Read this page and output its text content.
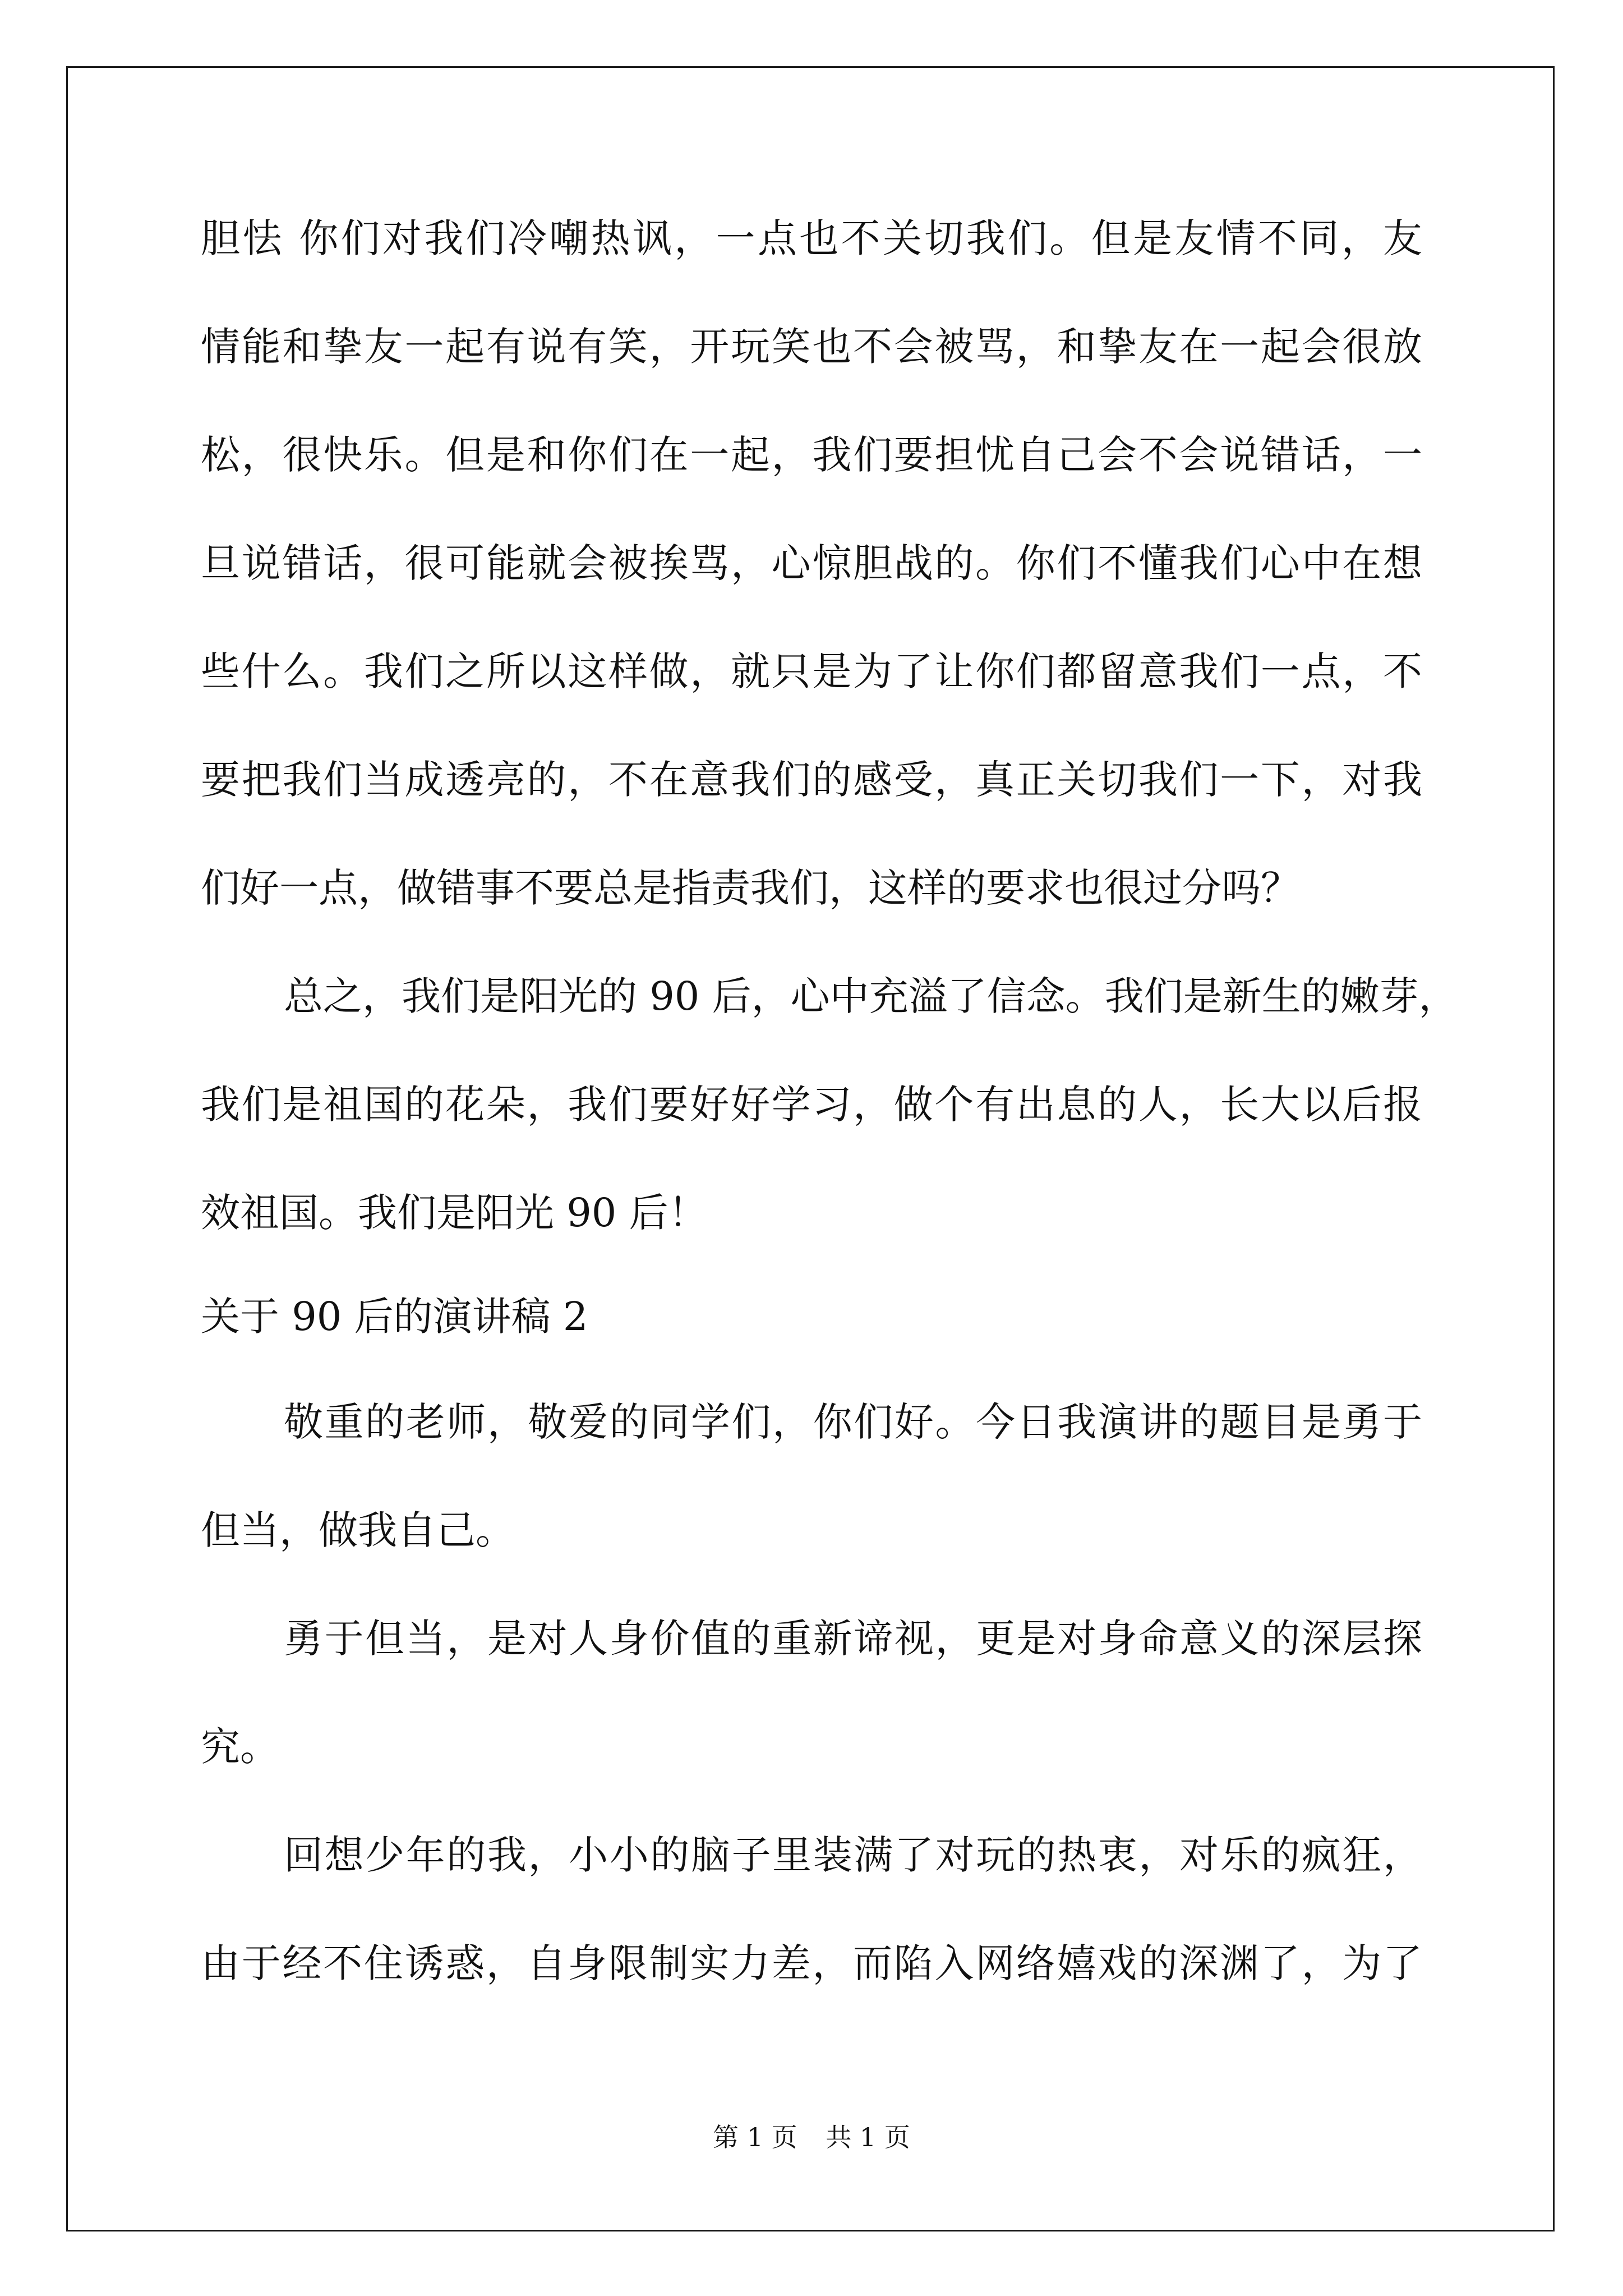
胆怯 你们对我们冷嘲热讽，一点也不关切我们。但是友情不同，友
情能和挚友一起有说有笑，开玩笑也不会被骂，和挚友在一起会很放
松，很快乐。但是和你们在一起，我们要担忧自己会不会说错话，一
旦说错话，很可能就会被挨骂，心惊胆战的。你们不懂我们心中在想
些什么。我们之所以这样做，就只是为了让你们都留意我们一点，不
要把我们当成透亮的，不在意我们的感受，真正关切我们一下，对我
们好一点，做错事不要总是指责我们，这样的要求也很过分吗？
总之，我们是阳光的 90 后，心中充溢了信念。我们是新生的嫩芽，
我们是祖国的花朵，我们要好好学习，做个有出息的人，长大以后报
效祖国。我们是阳光 90 后！
关于 90 后的演讲稿 2
敬重的老师，敬爱的同学们，你们好。今日我演讲的题目是勇于
但当，做我自己。
勇于但当，是对人身价值的重新谛视，更是对身命意义的深层探
究。
回想少年的我，小小的脑子里装满了对玩的热衷，对乐的疯狂，
由于经不住诱惑，自身限制实力差，而陷入网络嬉戏的深渊了，为了
第 1 页 共 1 页
